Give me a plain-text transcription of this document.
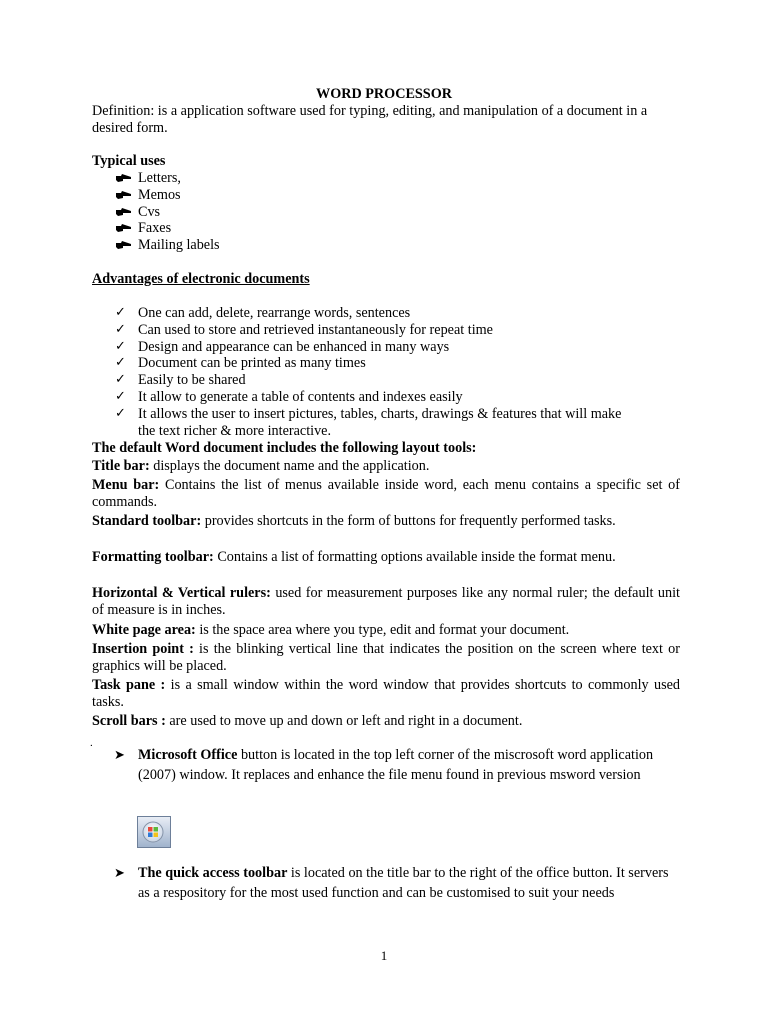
WORD PROCESSOR
Definition: is a application software used for typing, editing, and manipulation of a document in a desired form.
Typical uses
Letters,
Memos
Cvs
Faxes
Mailing labels
Advantages of electronic documents
✓ One can add, delete, rearrange words, sentences
✓ Can used to store and retrieved instantaneously for repeat time
✓ Design and appearance can be enhanced in many ways
✓ Document can be printed as many times
✓ Easily to be shared
✓ It allow to generate a table of contents and indexes easily
✓ It allows the user to insert pictures, tables, charts, drawings & features that will make
the text richer & more interactive.
The default Word document includes the following layout tools:

Title bar: displays the document name and the application.

Menu bar: Contains the list of menus available inside word, each menu contains a specific set of commands.

Standard toolbar: provides shortcuts in the form of buttons for frequently performed tasks.

Formatting toolbar: Contains a list of formatting options available inside the format menu.

Horizontal & Vertical rulers: used for measurement purposes like any normal ruler; the default unit of measure is in inches.

White page area: is the space area where you type, edit and format your document.

Insertion point : is the blinking vertical line that indicates the position on the screen where text or graphics will be placed.

Task pane : is a small window within the word window that provides shortcuts to commonly used tasks.

Scroll bars : are used to move up and down or left and right in a document.

.
➤ Microsoft Office button is located in the top left corner of the miscrosoft word application (2007) window. It replaces and enhance the file menu found in previous msword version
➤ The quick access toolbar is located on the title bar to the right of the office button. It servers as a respository for the most used function and can be customised to suit your needs
1
